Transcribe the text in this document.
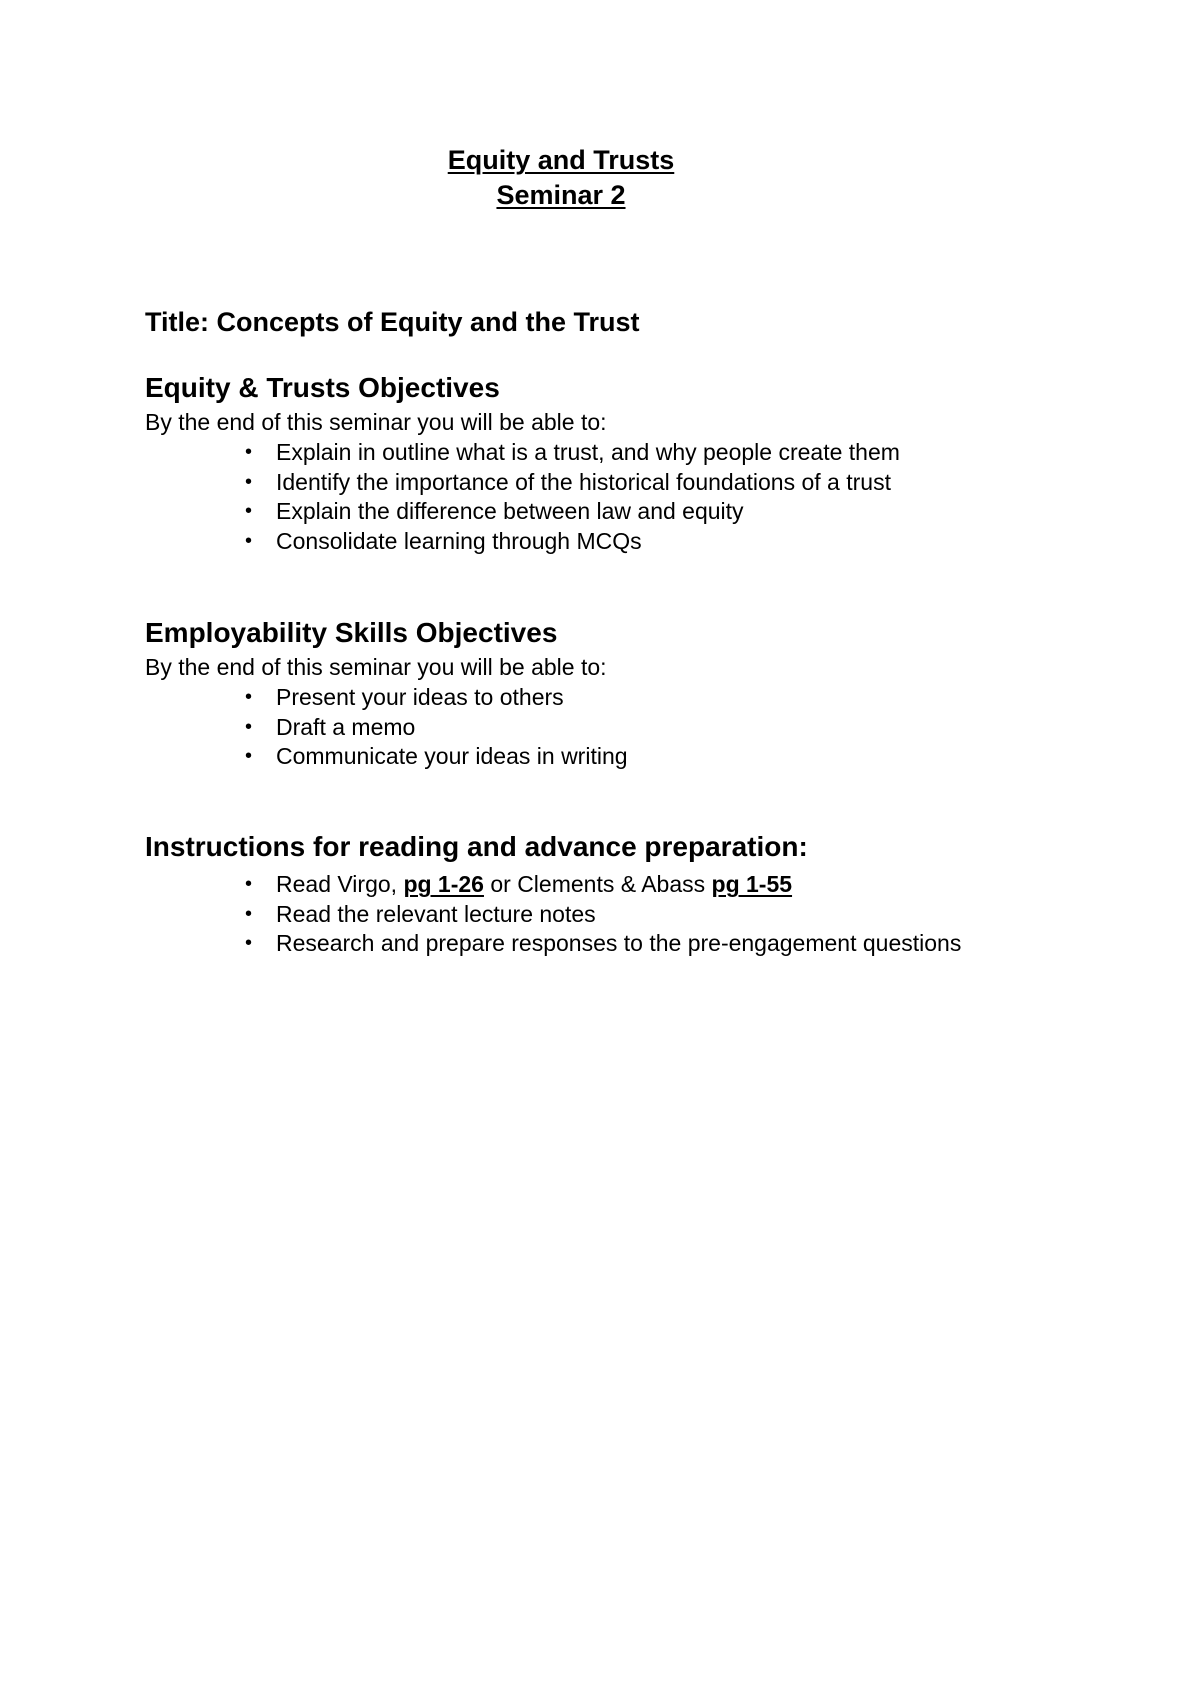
Equity and Trusts
Seminar 2
Title: Concepts of Equity and the Trust
Equity & Trusts Objectives
By the end of this seminar you will be able to:
• Explain in outline what is a trust, and why people create them
• Identify the importance of the historical foundations of a trust
• Explain the difference between law and equity
• Consolidate learning through MCQs
Employability Skills Objectives
By the end of this seminar you will be able to:
• Present your ideas to others
• Draft a memo
• Communicate your ideas in writing
Instructions for reading and advance preparation:
• Read Virgo, pg 1-26 or Clements & Abass pg 1-55
• Read the relevant lecture notes
• Research and prepare responses to the pre-engagement questions
